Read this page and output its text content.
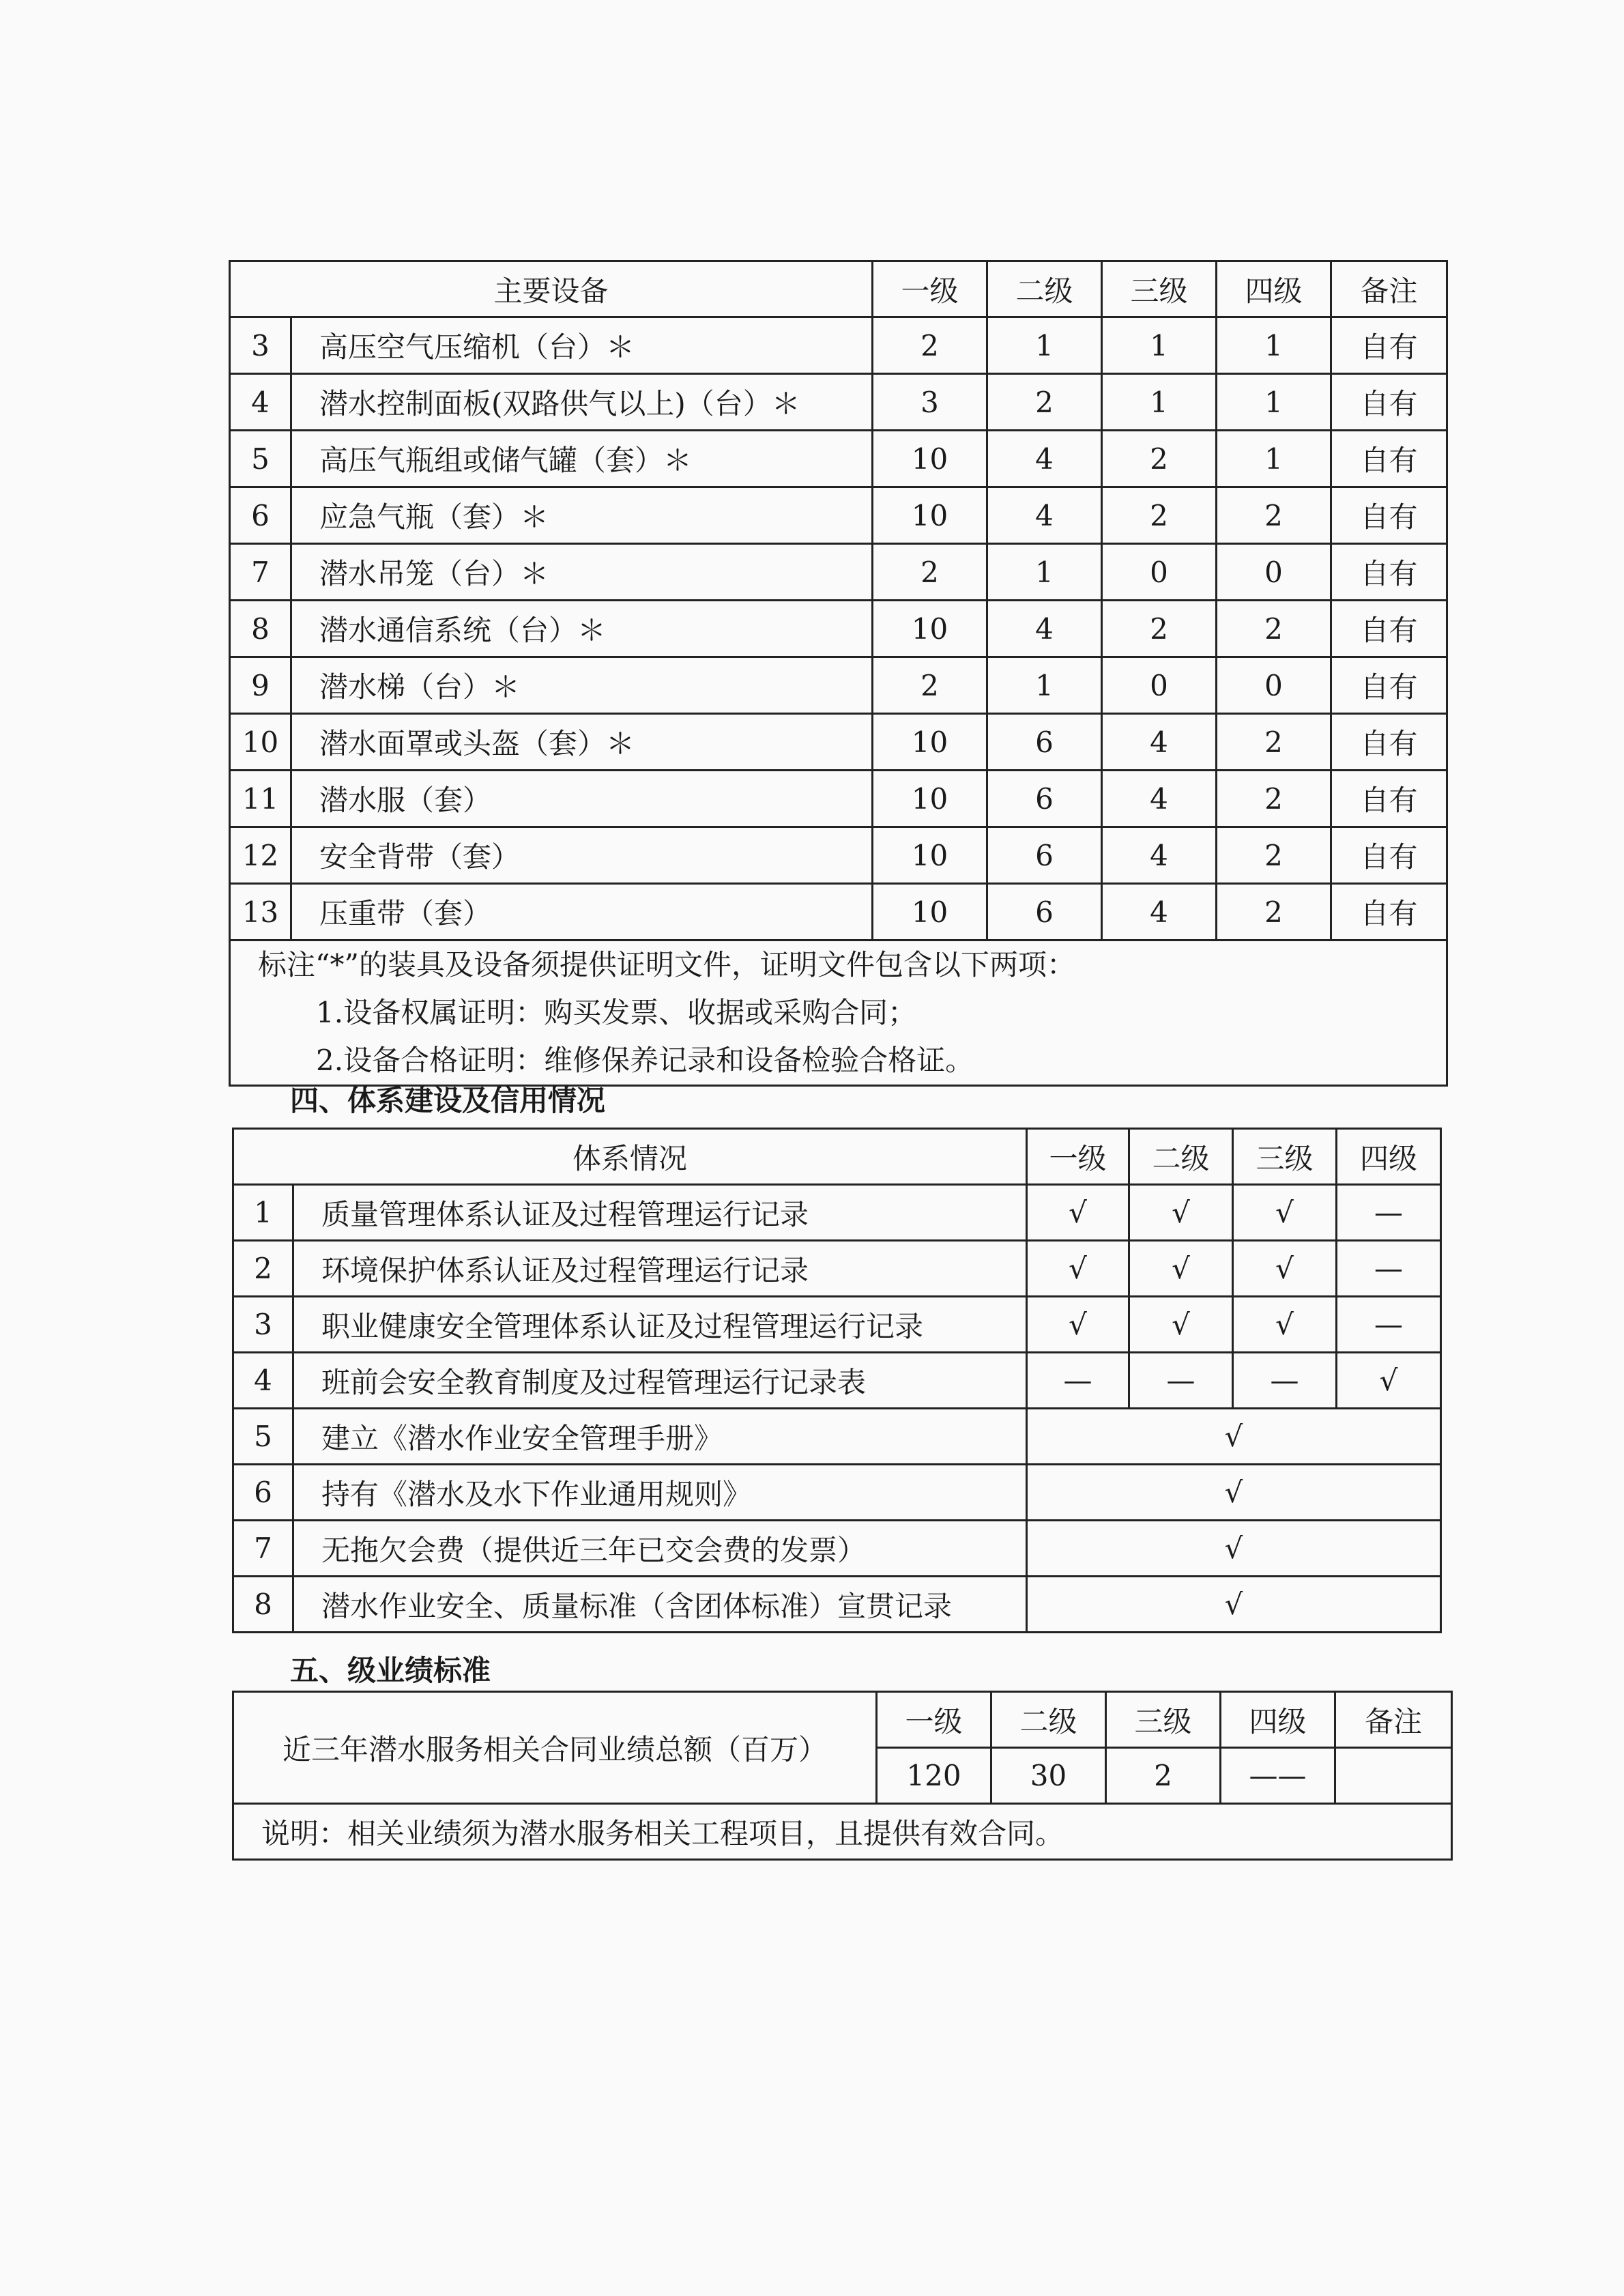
主要设备		一级	二级	三级	四级	备注
3	高压空气压缩机（台）＊	2	1	1	1	自有
4	潜水控制面板(双路供气以上)（台）＊	3	2	1	1	自有
5	高压气瓶组或储气罐（套）＊	10	4	2	1	自有
6	应急气瓶（套）＊	10	4	2	2	自有
7	潜水吊笼（台）＊	2	1	0	0	自有
8	潜水通信系统（台）＊	10	4	2	2	自有
9	潜水梯（台）＊	2	1	0	0	自有
10	潜水面罩或头盔（套）＊	10	6	4	2	自有
11	潜水服（套）	10	6	4	2	自有
12	安全背带（套）	10	6	4	2	自有
13	压重带（套）	10	6	4	2	自有

标注“*”的装具及设备须提供证明文件，证明文件包含以下两项：
1.设备权属证明：购买发票、收据或采购合同；
2.设备合格证明：维修保养记录和设备检验合格证。						
四、体系建设及信用情况
体系情况		一级	二级	三级	四级
1	质量管理体系认证及过程管理运行记录	√	√	√	—
2	环境保护体系认证及过程管理运行记录	√	√	√	—
3	职业健康安全管理体系认证及过程管理运行记录	√	√	√	—
4	班前会安全教育制度及过程管理运行记录表	—	—	—	√
5	建立《潜水作业安全管理手册》	√			
6	持有《潜水及水下作业通用规则》	√			
7	无拖欠会费（提供近三年已交会费的发票）	√			
8	潜水作业安全、质量标准（含团体标准）宣贯记录	√			
五、级业绩标准
近三年潜水服务相关合同业绩总额（百万）	一级	二级	三级	四级	备注
	120	30	2	——	
说明：相关业绩须为潜水服务相关工程项目，且提供有效合同。					
